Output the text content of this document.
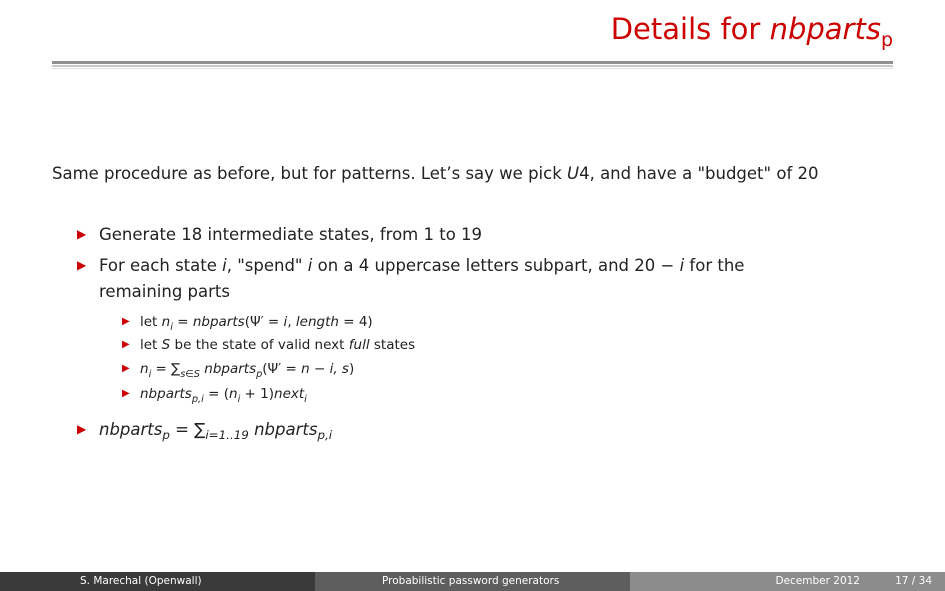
Details for nbparts$_p$

Same procedure as before, but for patterns. Let’s say we pick U4, and have a "budget" of 20

▶ Generate 18 intermediate states, from 1 to 19
▶ For each state i, "spend" i on a 4 uppercase letters subpart, and 20 − i for the
remaining parts
▶ let $n_i$ = nbparts(Ψ′ = i, length = 4)
▶ let S be the state of valid next full states
▶ $n_i = \sum_{s\in S}$ nbparts$_p$(Ψ′ = n − i, s)
▶ nbparts$_{p,i}$ = ($n_i$ + 1)next$_i$
▶ nbparts$_p$ = $\sum_{i=1..19}$ nbparts$_{p,i}$
S. Marechal (Openwall)	Probabilistic password generators	December 2012	17 / 34
